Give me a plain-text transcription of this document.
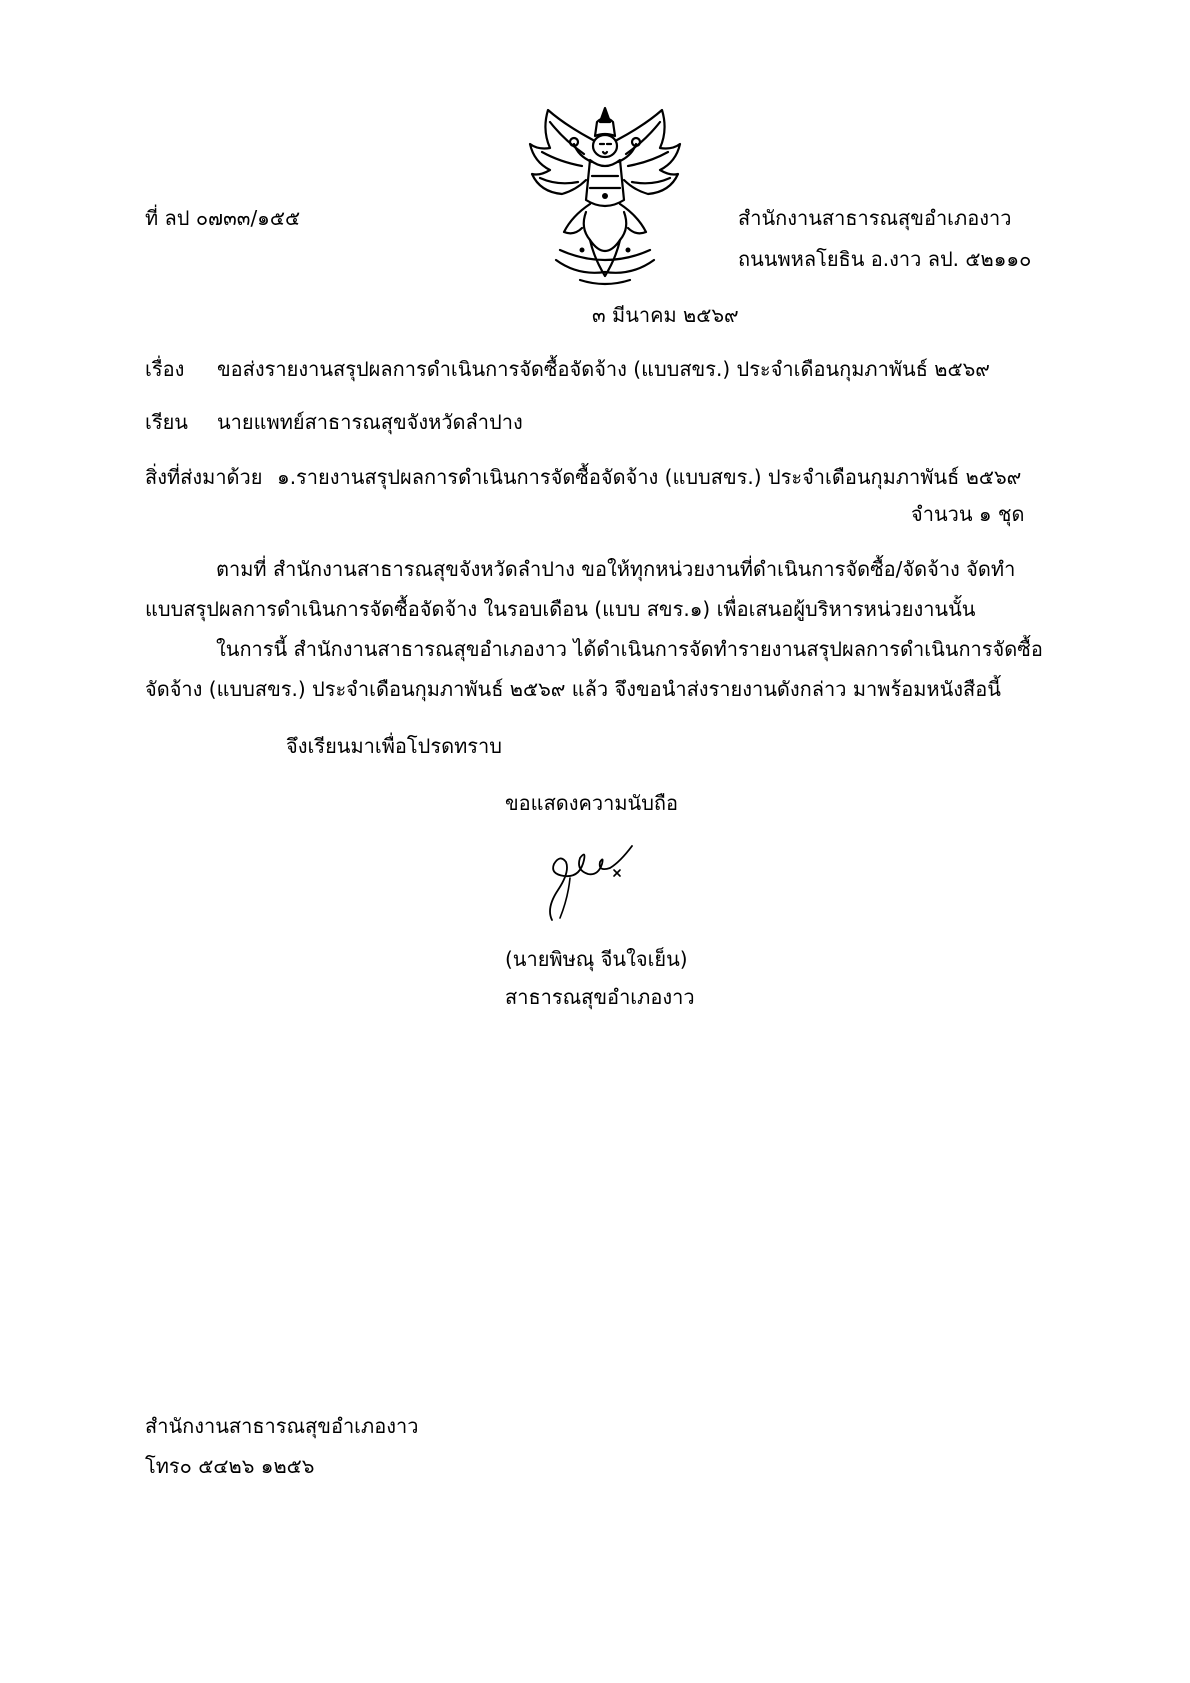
ที่ ลป ๐๗๓๓/๑๕๕	สำนักงานสาธารณสุขอำเภองาว

ถนนพหลโยธิน อ.งาว ลป. ๕๒๑๑๐

๓ มีนาคม ๒๕๖๙

เรื่อง ขอส่งรายงานสรุปผลการดำเนินการจัดซื้อจัดจ้าง (แบบสขร.) ประจำเดือนกุมภาพันธ์ ๒๕๖๙

เรียน นายแพทย์สาธารณสุขจังหวัดลำปาง

สิ่งที่ส่งมาด้วย ๑.รายงานสรุปผลการดำเนินการจัดซื้อจัดจ้าง (แบบสขร.) ประจำเดือนกุมภาพันธ์ ๒๕๖๙

จำนวน ๑ ชุด

ตามที่ สำนักงานสาธารณสุขจังหวัดลำปาง ขอให้ทุกหน่วยงานที่ดำเนินการจัดซื้อ/จัดจ้าง จัดทำ

แบบสรุปผลการดำเนินการจัดซื้อจัดจ้าง ในรอบเดือน (แบบ สขร.๑) เพื่อเสนอผู้บริหารหน่วยงานนั้น

ในการนี้ สำนักงานสาธารณสุขอำเภองาว ได้ดำเนินการจัดทำรายงานสรุปผลการดำเนินการจัดซื้อ

จัดจ้าง (แบบสขร.) ประจำเดือนกุมภาพันธ์ ๒๕๖๙ แล้ว จึงขอนำส่งรายงานดังกล่าว มาพร้อมหนังสือนี้

จึงเรียนมาเพื่อโปรดทราบ

ขอแสดงความนับถือ

(นายพิษณุ จีนใจเย็น)

สาธารณสุขอำเภองาว

สำนักงานสาธารณสุขอำเภองาว

โทร๐ ๕๔๒๖ ๑๒๕๖
